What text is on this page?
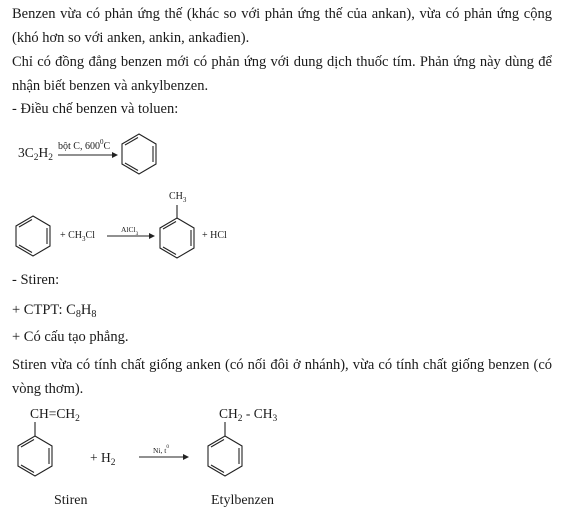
Benzen vừa có phản ứng thế (khác so với phản ứng thế của ankan), vừa có phản ứng cộng (khó hơn so với anken, ankin, ankađien).
Chỉ có đồng đẳng benzen mới có phản ứng với dung dịch thuốc tím. Phản ứng này dùng để nhận biết benzen và ankylbenzen.
- Điều chế benzen và toluen:
$3C_2H_2$
bột C, $600^0C$
+ $CH_3Cl$
AlCl$_3$
$CH_3$
+ HCl
- Stiren:
+ CTPT: $C_8H_8$
+ Có cấu tạo phẳng.
Stiren vừa có tính chất giống anken (có nối đôi ở nhánh), vừa có tính chất giống benzen (có vòng thơm).
$CH=CH_2$
+ $H_2$
Ni, $t^0$
$CH_2 - CH_3$
Stiren	Etylbenzen
